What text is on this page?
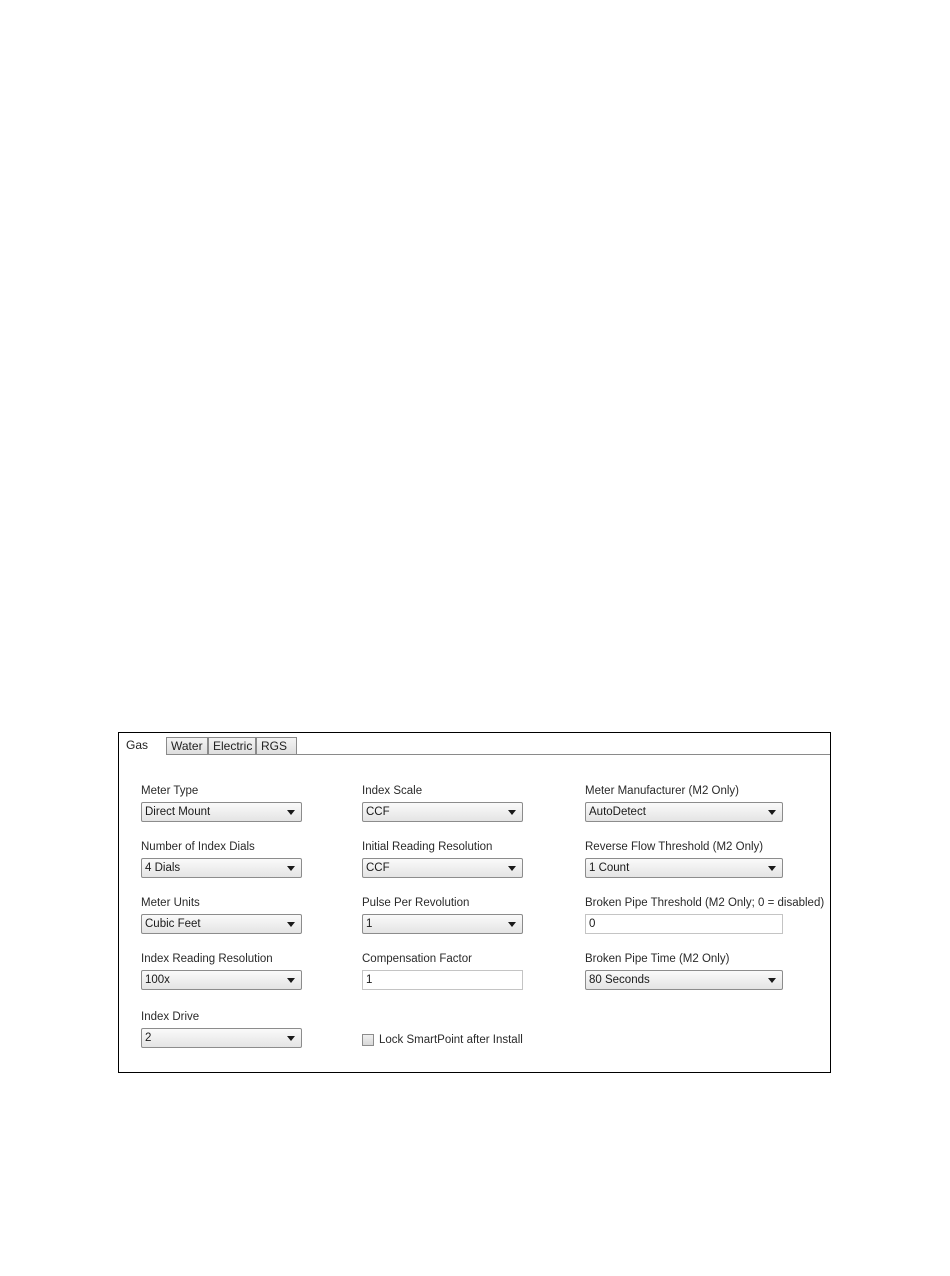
Gas	Water Electric RGS
Meter Type
Direct Mount
Number of Index Dials
4 Dials
Meter Units
Cubic Feet
Index Reading Resolution
100x
Index Drive
2
Index Scale
CCF
Initial Reading Resolution
CCF
Pulse Per Revolution
1
Compensation Factor
1
Lock SmartPoint after Install
Meter Manufacturer (M2 Only)
AutoDetect
Reverse Flow Threshold (M2 Only)
1 Count
Broken Pipe Threshold (M2 Only; 0 = disabled)
0
Broken Pipe Time (M2 Only)
80 Seconds
